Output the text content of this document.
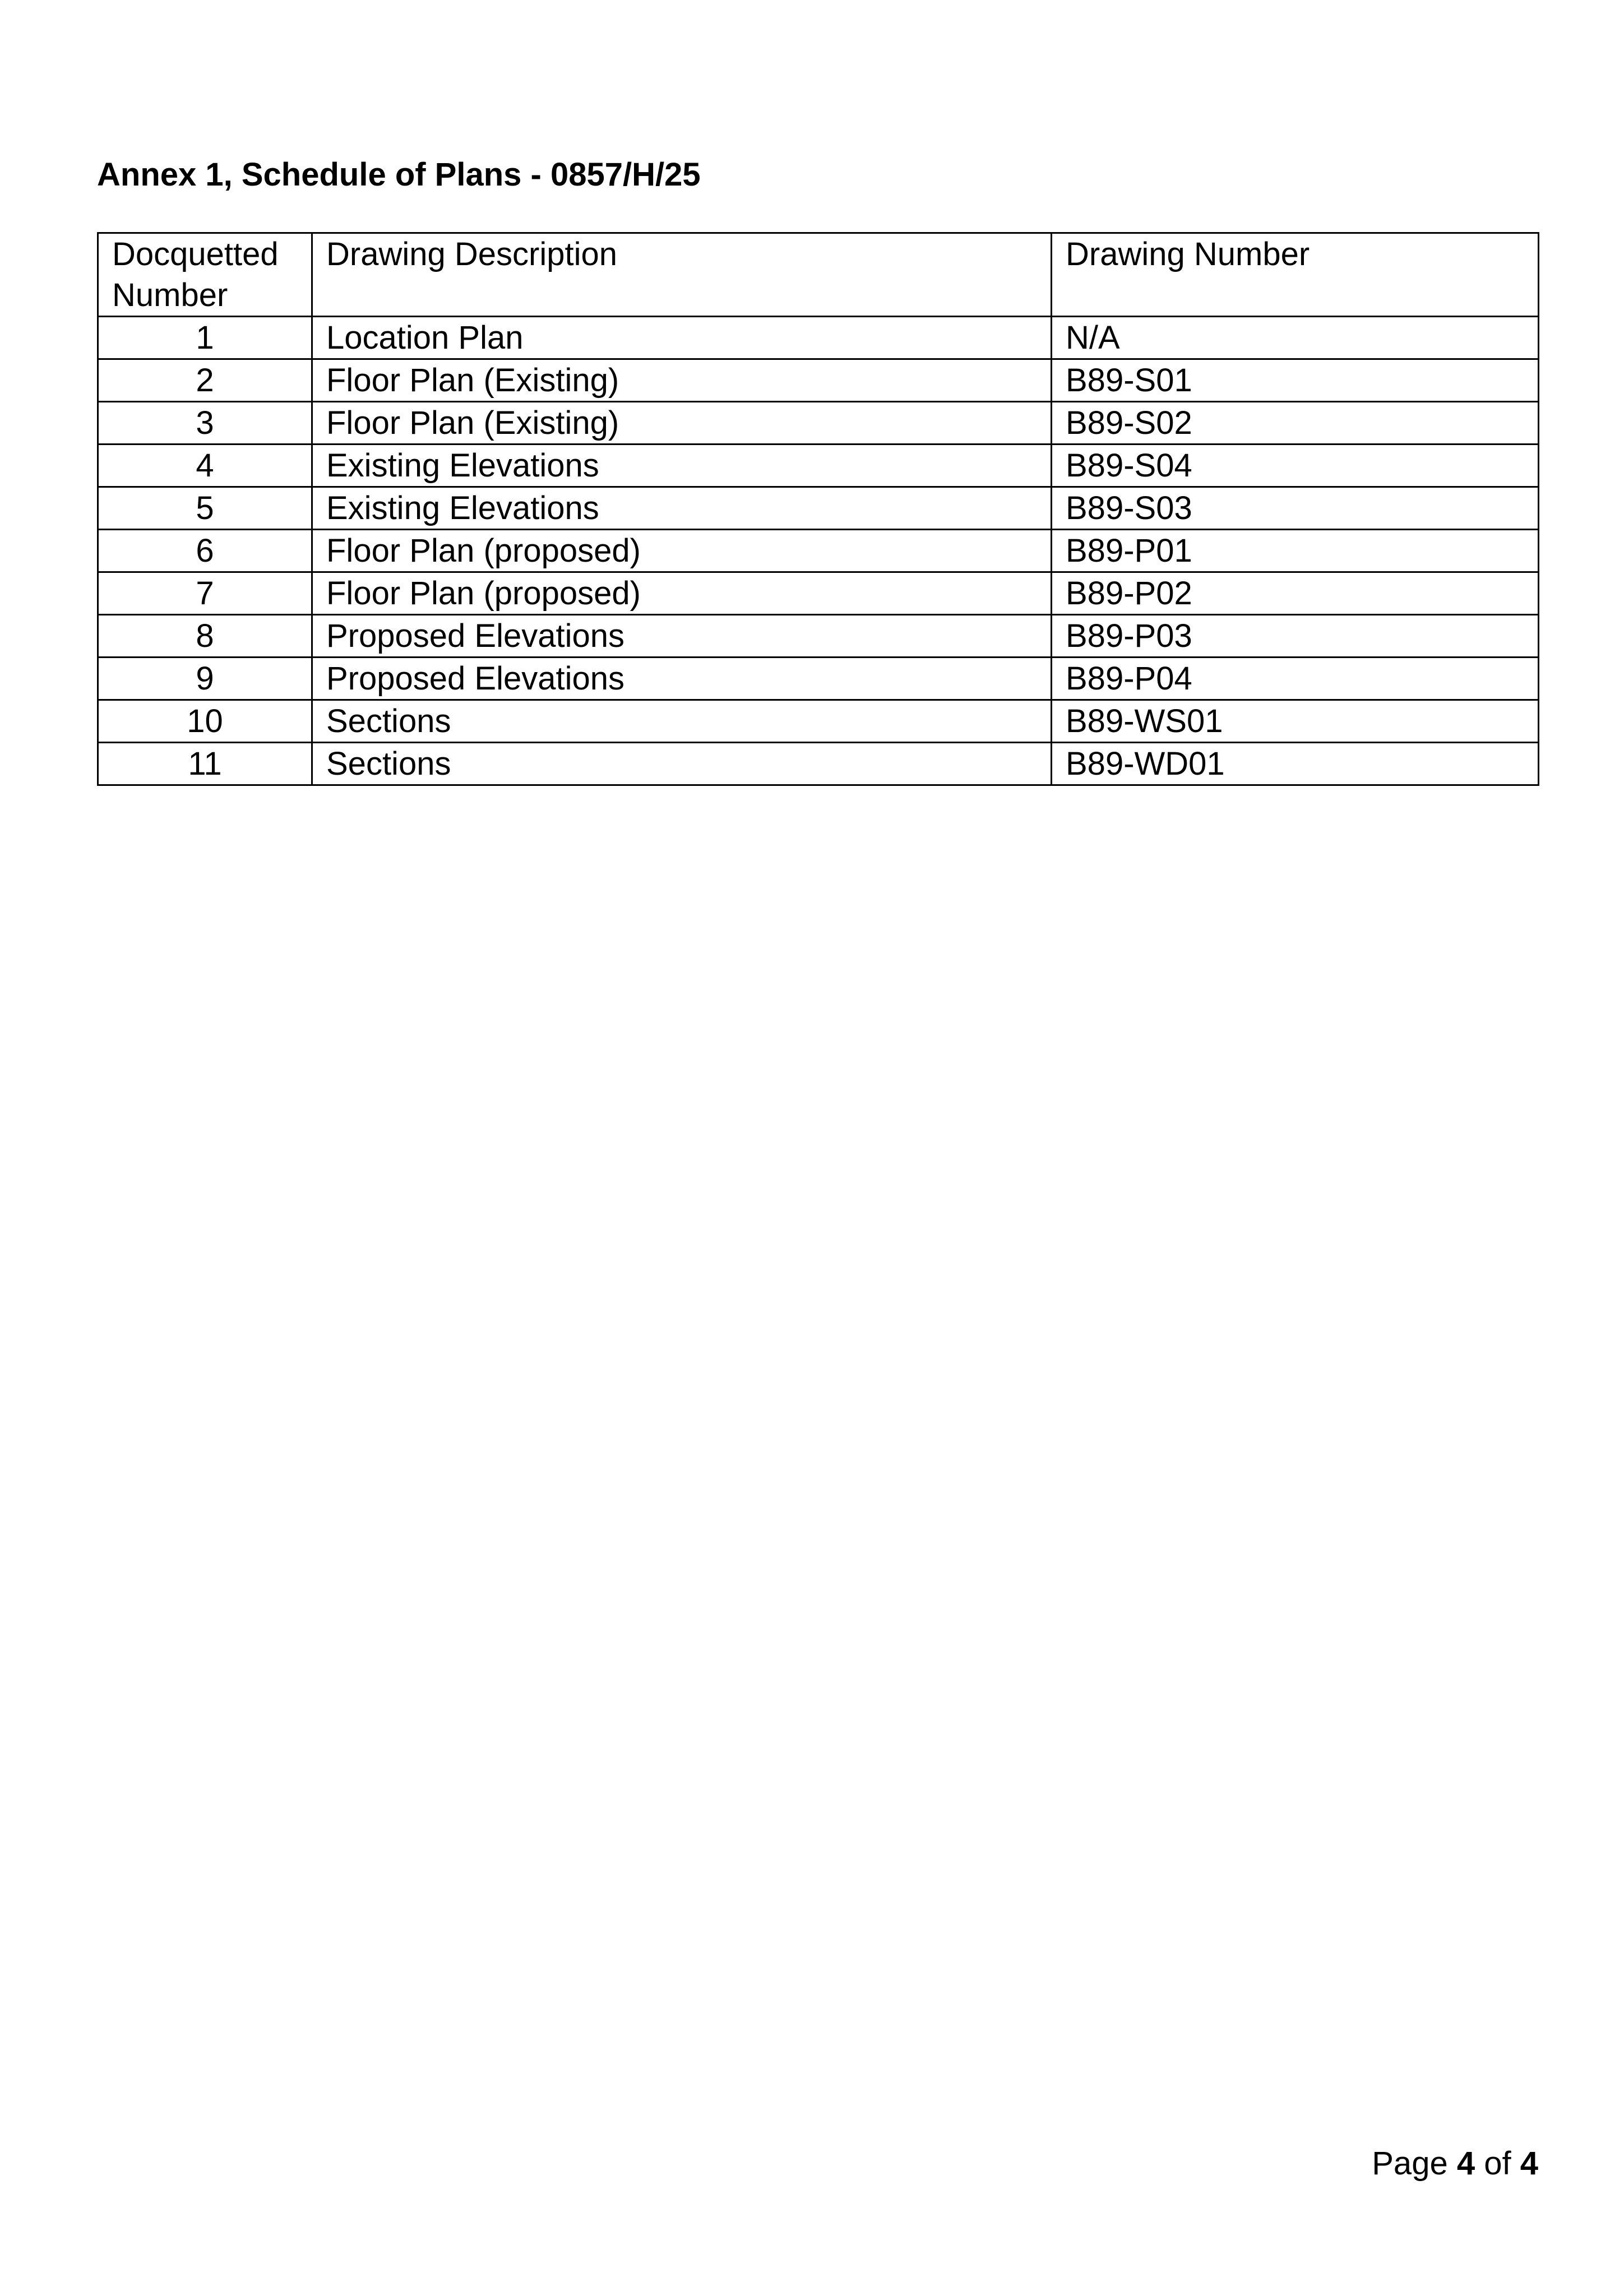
Annex 1, Schedule of Plans - 0857/H/25
Docquetted Number	Drawing Description	Drawing Number
1	Location Plan	N/A
2	Floor Plan (Existing)	B89-S01
3	Floor Plan (Existing)	B89-S02
4	Existing Elevations	B89-S04
5	Existing Elevations	B89-S03
6	Floor Plan (proposed)	B89-P01
7	Floor Plan (proposed)	B89-P02
8	Proposed Elevations	B89-P03
9	Proposed Elevations	B89-P04
10	Sections	B89-WS01
11	Sections	B89-WD01
Page 4 of 4
